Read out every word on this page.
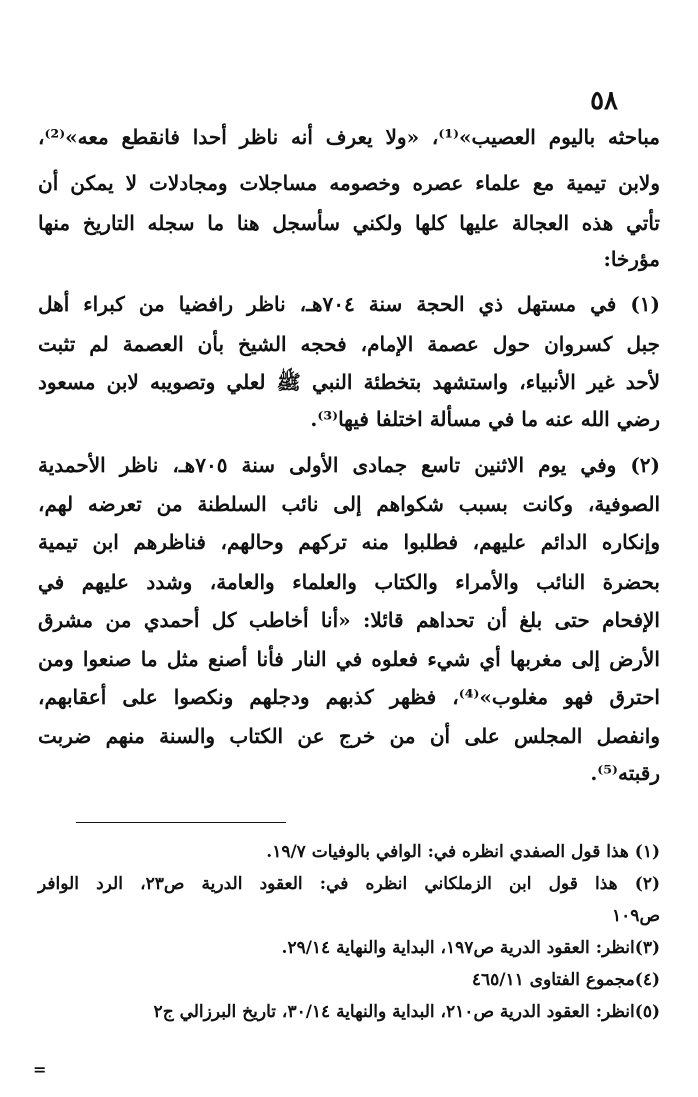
٥٨
مباحثه باليوم العصيب»⁽¹⁾، «ولا يعرف أنه ناظر أحدا فانقطع معه»⁽²⁾،
ولابن تيمية مع علماء عصره وخصومه مساجلات ومجادلات لا يمكن أن
تأتي هذه العجالة عليها كلها ولكني سأسجل هنا ما سجله التاريخ منها
مؤرخا:
(١) في مستهل ذي الحجة سنة ٧٠٤هـ، ناظر رافضيا من كبراء أهل
جبل كسروان حول عصمة الإمام، فحجه الشيخ بأن العصمة لم تثبت
لأحد غير الأنبياء، واستشهد بتخطئة النبي ﷺ لعلي وتصويبه لابن مسعود
رضي الله عنه ما في مسألة اختلفا فيها⁽³⁾.
(٢) وفي يوم الاثنين تاسع جمادى الأولى سنة ٧٠٥هـ، ناظر الأحمدية
الصوفية، وكانت بسبب شكواهم إلى نائب السلطنة من تعرضه لهم،
وإنكاره الدائم عليهم، فطلبوا منه تركهم وحالهم، فناظرهم ابن تيمية
بحضرة النائب والأمراء والكتاب والعلماء والعامة، وشدد عليهم في
الإفحام حتى بلغ أن تحداهم قائلا: «أنا أخاطب كل أحمدي من مشرق
الأرض إلى مغربها أي شيء فعلوه في النار فأنا أصنع مثل ما صنعوا ومن
احترق فهو مغلوب»⁽⁴⁾، فظهر كذبهم ودجلهم ونكصوا على أعقابهم،
وانفصل المجلس على أن من خرج عن الكتاب والسنة منهم ضربت
رقبته⁽⁵⁾.
(١) هذا قول الصفدي انظره في: الوافي بالوفيات ١٩/٧.
(٢) هذا قول ابن الزملكاني انظره في: العقود الدرية ص٢٣، الرد الوافر
ص١٠٩
(٣)انظر: العقود الدرية ص١٩٧، البداية والنهاية ٢٩/١٤.
(٤)مجموع الفتاوى ٤٦٥/١١
(٥)انظر: العقود الدرية ص٢١٠، البداية والنهاية ٣٠/١٤، تاريخ البرزالي ج٢
=
